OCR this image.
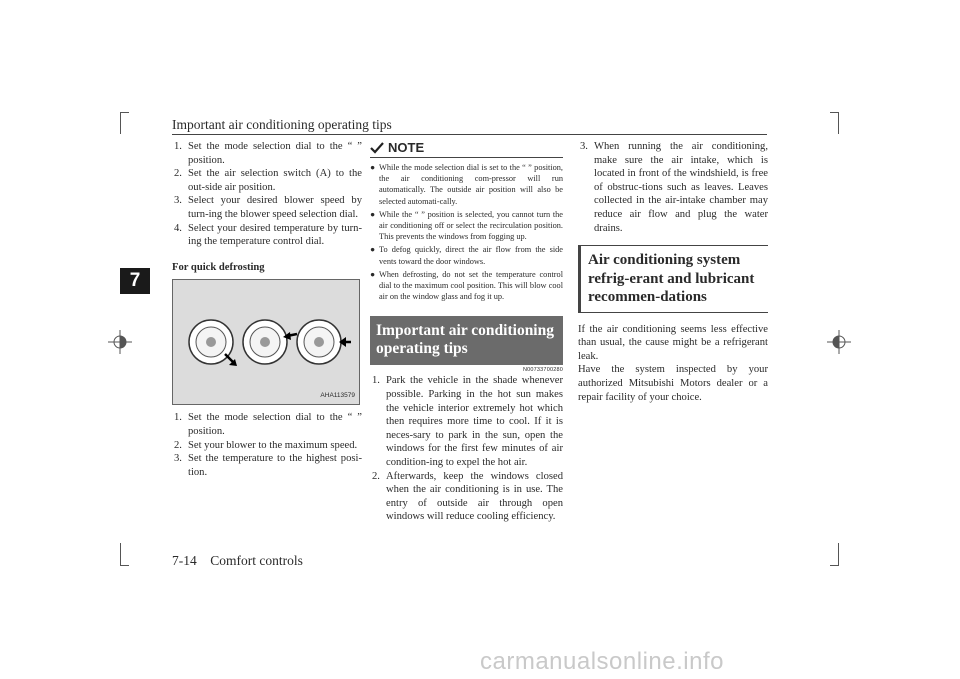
Important air conditioning operating tips
7
1. Set the mode selection dial to the “ ” position.
2. Set the air selection switch (A) to the out-side air position.
3. Select your desired blower speed by turn-ing the blower speed selection dial.
4. Select your desired temperature by turn-ing the temperature control dial.
For quick defrosting
AHA113579
1. Set the mode selection dial to the “ ” position.
2. Set your blower to the maximum speed.
3. Set the temperature to the highest posi-tion.
NOTE
● While the mode selection dial is set to the “ ” position, the air conditioning com-pressor will run automatically. The outside air position will also be selected automati-cally.
● While the “ ” position is selected, you cannot turn the air conditioning off or select the recirculation position. This prevents the windows from fogging up.
● To defog quickly, direct the air flow from the side vents toward the door windows.
● When defrosting, do not set the temperature control dial to the maximum cool position. This will blow cool air on the window glass and fog it up.
Important air conditioning operating tips
N00733700280
1. Park the vehicle in the shade whenever possible. Parking in the hot sun makes the vehicle interior extremely hot which then requires more time to cool. If it is neces-sary to park in the sun, open the windows for the first few minutes of air condition-ing to expel the hot air.
2. Afterwards, keep the windows closed when the air conditioning is in use. The entry of outside air through open windows will reduce cooling efficiency.
3. When running the air conditioning, make sure the air intake, which is located in front of the windshield, is free of obstruc-tions such as leaves. Leaves collected in the air-intake chamber may reduce air flow and plug the water drains.
Air conditioning system refrig-erant and lubricant recommen-dations
If the air conditioning seems less effective than usual, the cause might be a refrigerant leak.
Have the system inspected by your authorized Mitsubishi Motors dealer or a repair facility of your choice.
7-14 Comfort controls
carmanualsonline.info
